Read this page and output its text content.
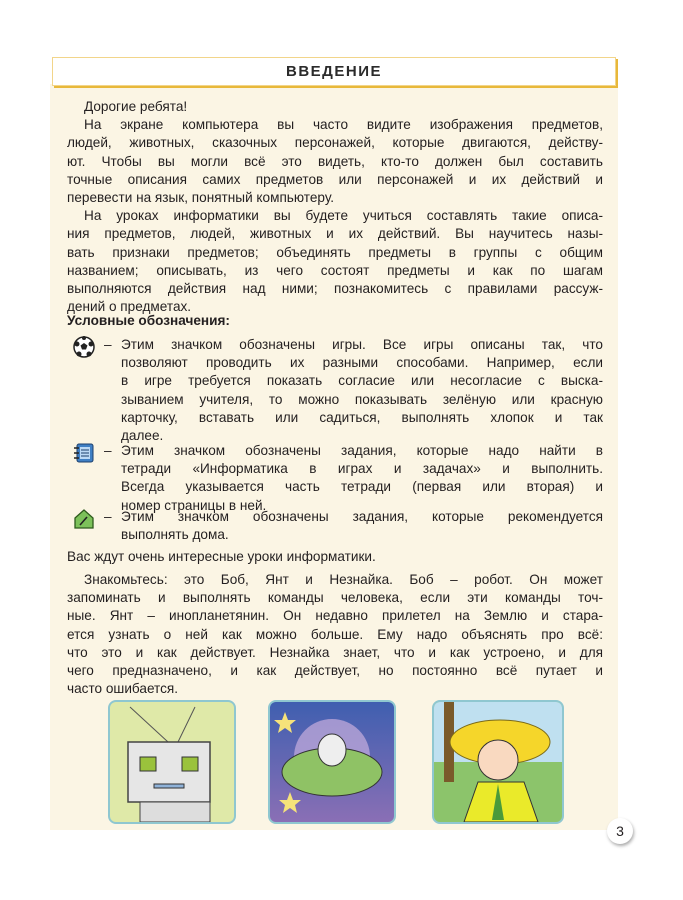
ВВЕДЕНИЕ
Дорогие ребята!
На экране компьютера вы часто видите изображения предметов,
людей, животных, сказочных персонажей, которые двигаются, действу-
ют. Чтобы вы могли всё это видеть, кто-то должен был составить
точные описания самих предметов или персонажей и их действий и
перевести на язык, понятный компьютеру.
На уроках информатики вы будете учиться составлять такие описа-
ния предметов, людей, животных и их действий. Вы научитесь назы-
вать признаки предметов; объединять предметы в группы с общим
названием; описывать, из чего состоят предметы и как по шагам
выполняются действия над ними; познакомитесь с правилами рассуж-
дений о предметах.
Условные обозначения:
– Этим значком обозначены игры. Все игры описаны так, что
позволяют проводить их разными способами. Например, если
в игре требуется показать согласие или несогласие с выска-
зыванием учителя, то можно показывать зелёную или красную
карточку, вставать или садиться, выполнять хлопок и так
далее.
– Этим значком обозначены задания, которые надо найти в
тетради «Информатика в играх и задачах» и выполнить.
Всегда указывается часть тетради (первая или вторая) и
номер страницы в ней.
– Этим значком обозначены задания, которые рекомендуется
выполнять дома.
Вас ждут очень интересные уроки информатики.
Знакомьтесь: это Боб, Янт и Незнайка. Боб – робот. Он может
запоминать и выполнять команды человека, если эти команды точ-
ные. Янт – инопланетянин. Он недавно прилетел на Землю и стара-
ется узнать о ней как можно больше. Ему надо объяснять про всё:
что это и как действует. Незнайка знает, что и как устроено, и для
чего предназначено, и как действует, но постоянно всё путает и
часто ошибается.
3
